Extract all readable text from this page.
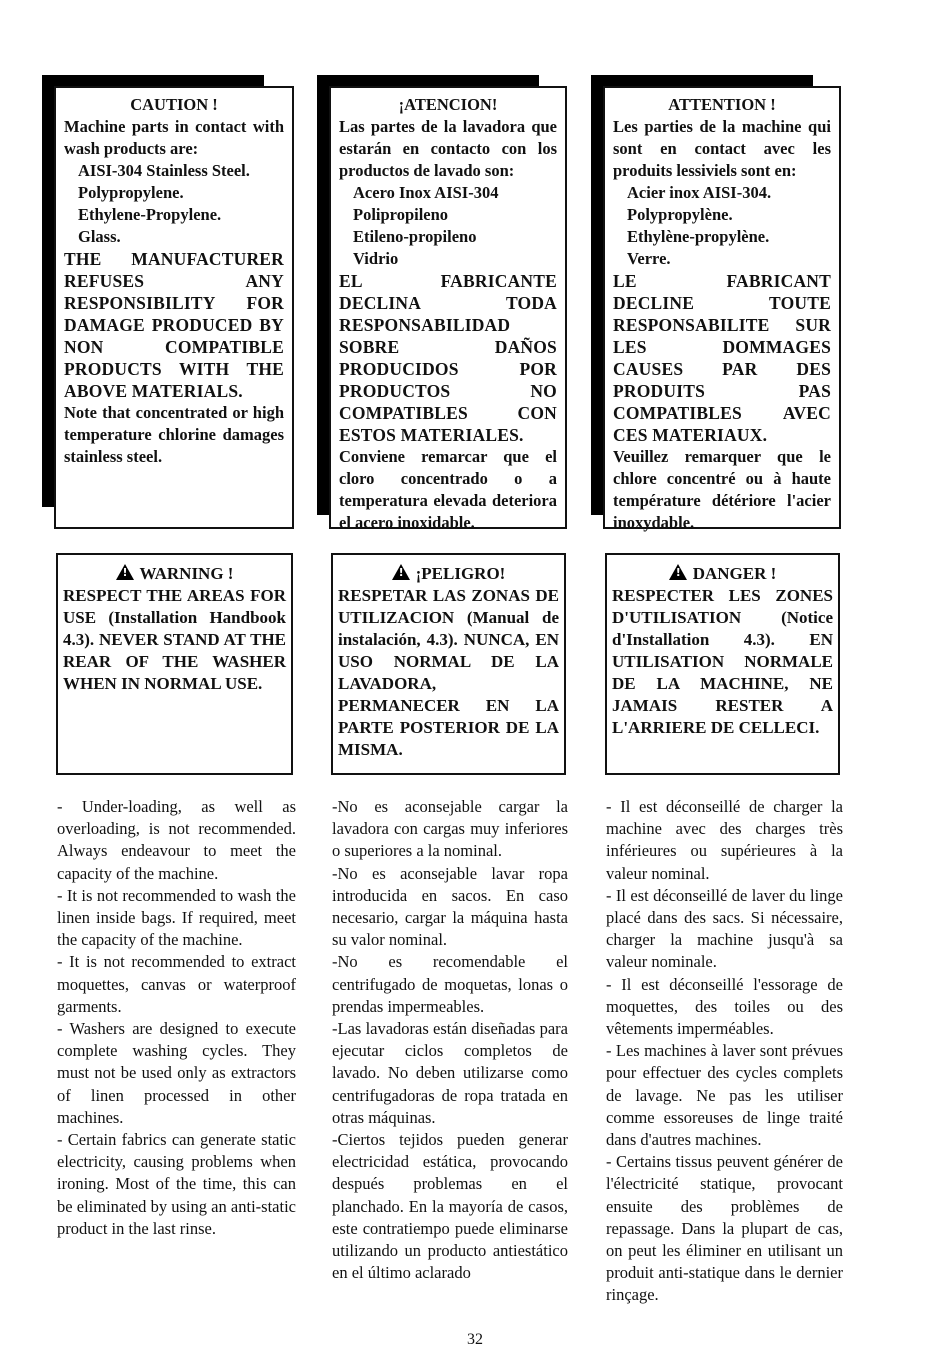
CAUTION !
Machine parts in contact with wash products are:
AISI-304 Stainless Steel.
Polypropylene.
Ethylene-Propylene.
Glass.
THE MANUFACTURER REFUSES ANY RESPONSIBILITY FOR DAMAGE PRODUCED BY NON COMPATIBLE PRODUCTS WITH THE ABOVE MATERIALS.
Note that concentrated or high temperature chlorine damages stainless steel.
¡ATENCION!
Las partes de la lavadora que estarán en contacto con los productos de lavado son:
Acero Inox AISI-304
Polipropileno
Etileno-propileno
Vidrio
EL FABRICANTE DECLINA TODA RESPONSABILIDAD SOBRE DAÑOS PRODUCIDOS POR PRODUCTOS NO COMPATIBLES CON ESTOS MATERIALES.
Conviene remarcar que el cloro concentrado o a temperatura elevada deteriora el acero inoxidable.
ATTENTION !
Les parties de la machine qui sont en contact avec les produits lessiviels sont en:
Acier inox AISI-304.
Polypropylène.
Ethylène-propylène.
Verre.
LE FABRICANT DECLINE TOUTE RESPONSABILITE SUR LES DOMMAGES CAUSES PAR DES PRODUITS PAS COMPATIBLES AVEC CES MATERIAUX.
Veuillez remarquer que le chlore concentré ou à haute température détériore l'acier inoxydable.
!WARNING !
RESPECT THE AREAS FOR USE (Installation Handbook 4.3). NEVER STAND AT THE REAR OF THE WASHER WHEN IN NORMAL USE.
!¡PELIGRO!
RESPETAR LAS ZONAS DE UTILIZACION (Manual de instalación, 4.3). NUNCA, EN USO NORMAL DE LA LAVADORA, PERMANECER EN LA PARTE POSTERIOR DE LA MISMA.
!DANGER !
RESPECTER LES ZONES D'UTILISATION (Notice d'Installation 4.3). EN UTILISATION NORMALE DE LA MACHINE, NE JAMAIS RESTER A L'ARRIERE DE CELLECI.

- Under-loading, as well as overloading, is not recommended. Always endeavour to meet the capacity of the machine.

- It is not recommended to wash the linen inside bags. If required, meet the capacity of the machine.

- It is not recommended to extract moquettes, canvas or waterproof garments.

- Washers are designed to execute complete washing cycles. They must not be used only as extractors of linen processed in other machines.

- Certain fabrics can generate static electricity, causing problems when ironing. Most of the time, this can be eliminated by using an anti-static product in the last rinse.

-No es aconsejable cargar la lavadora con cargas muy inferiores o superiores a la nominal.

-No es aconsejable lavar ropa introducida en sacos. En caso necesario, cargar la máquina hasta su valor nominal.

-No es recomendable el centrifugado de moquetas, lonas o prendas impermeables.

-Las lavadoras están diseñadas para ejecutar ciclos completos de lavado. No deben utilizarse como centrifugadoras de ropa tratada en otras máquinas.

-Ciertos tejidos pueden generar electricidad estática, provocando después problemas en el planchado. En la mayoría de casos, este contratiempo puede eliminarse utilizando un producto antiestático en el último aclarado

- Il est déconseillé de charger la machine avec des charges très inférieures ou supérieures à la valeur nominal.

- Il est déconseillé de laver du linge placé dans des sacs. Si nécessaire, charger la machine jusqu'à sa valeur nominale.

- Il est déconseillé l'essorage de moquettes, des toiles ou des vêtements imperméables.

- Les machines à laver sont prévues pour effectuer des cycles complets de lavage. Ne pas les utiliser comme essoreuses de linge traité dans d'autres machines.

- Certains tissus peuvent générer de l'électricité statique, provocant ensuite des problèmes de repassage. Dans la plupart de cas, on peut les éliminer en utilisant un produit anti-statique dans le dernier rinçage.

32
